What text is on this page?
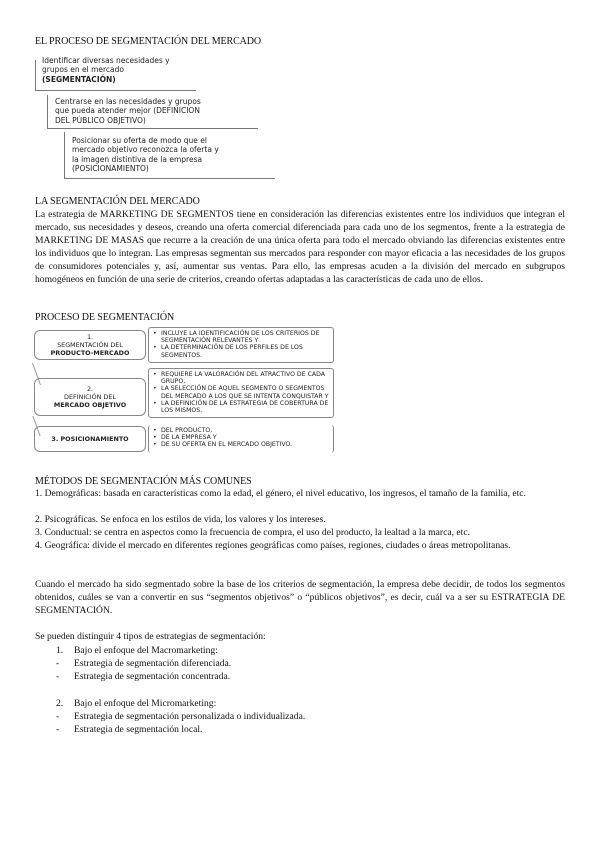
EL PROCESO DE SEGMENTACIÓN DEL MERCADO
Identificar diversas necesidades y
grupos en el mercado
(SEGMENTACIÓN)
Centrarse en las necesidades y grupos
que pueda atender mejor (DEFINICION
DEL PÚBLICO OBJETIVO)
Posicionar su oferta de modo que el
mercado objetivo reconozca la oferta y
la imagen distintiva de la empresa
(POSICIONAMIENTO)
LA SEGMENTACIÓN DEL MERCADO

La estrategia de MARKETING DE SEGMENTOS tiene en consideración las diferencias existentes entre los individuos que integran el mercado, sus necesidades y deseos, creando una oferta comercial diferenciada para cada uno de los segmentos, frente a la estrategia de MARKETING DE MASAS que recurre a la creación de una única oferta para todo el mercado obviando las diferencias existentes entre los individuos que lo integran. Las empresas segmentan sus mercados para responder con mayor eficacia a las necesidades de los grupos de consumidores potenciales y, así, aumentar sus ventas. Para ello, las empresas acuden a la división del mercado en subgrupos homogéneos en función de una serie de criterios, creando ofertas adaptadas a las características de cada uno de ellos.

PROCESO DE SEGMENTACIÓN
1.
SEGMENTACIÓN DEL
PRODUCTO-MERCADO
• INCLUYE LA IDENTIFICACIÓN DE LOS CRITERIOS DE SEGMENTACIÓN RELEVANTES Y
• LA DETERMINACIÓN DE LOS PERFILES DE LOS SEGMENTOS.
2.
DEFINICIÓN DEL
MERCADO OBJETIVO
• REQUIERE LA VALORACIÓN DEL ATRACTIVO DE CADA GRUPO,
• LA SELECCIÓN DE AQUEL SEGMENTO O SEGMENTOS DEL MERCADO A LOS QUE SE INTENTA CONQUISTAR Y
• LA DEFINICIÓN DE LA ESTRATEGIA DE COBERTURA DE LOS MISMOS.
3. POSICIONAMIENTO
• DEL PRODUCTO,
• DE LA EMPRESA Y
• DE SU OFERTA EN EL MERCADO OBJETIVO.
MÉTODOS DE SEGMENTACIÓN MÁS COMUNES

1. Demográficas: basada en características como la edad, el género, el nivel educativo, los ingresos, el tamaño de la familia, etc.

2. Psicográficas. Se enfoca en los estilos de vida, los valores y los intereses.

3. Conductual: se centra en aspectos como la frecuencia de compra, el uso del producto, la lealtad a la marca, etc.

4. Geográfica: divide el mercado en diferentes regiones geográficas como países, regiones, ciudades o áreas metropolitanas.

Cuando el mercado ha sido segmentado sobre la base de los criterios de segmentación, la empresa debe decidir, de todos los segmentos obtenidos, cuáles se van a convertir en sus “segmentos objetivos” o “públicos objetivos”, es decir, cuál va a ser su ESTRATEGIA DE SEGMENTACIÓN.

Se pueden distinguir 4 tipos de estrategias de segmentación:
1. Bajo el enfoque del Macromarketing:
- Estrategia de segmentación diferenciada.
- Estrategia de segmentación concentrada.
2. Bajo el enfoque del Micromarketing:
- Estrategia de segmentación personalizada o individualizada.
- Estrategia de segmentación local.
